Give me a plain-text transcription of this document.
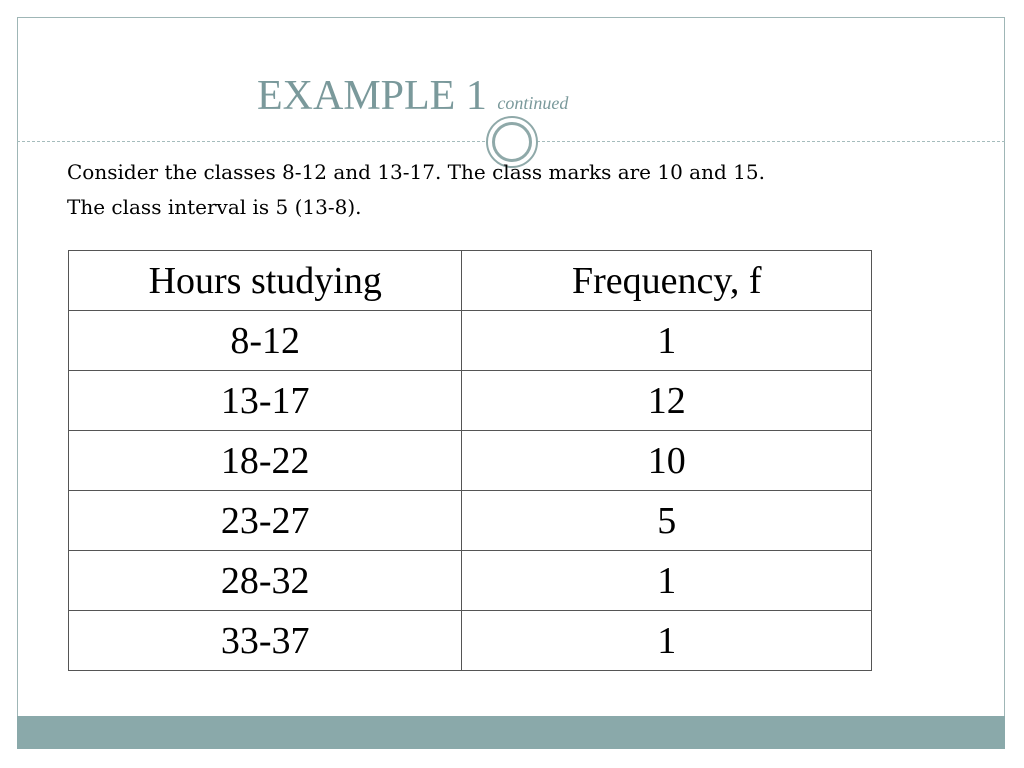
EXAMPLE 1 continued

Consider the classes 8-12 and 13-17. The class marks are 10 and 15.

The class interval is 5 (13-8).

Hours studying	Frequency, f
8-12	1
13-17	12
18-22	10
23-27	5
28-32	1
33-37	1
